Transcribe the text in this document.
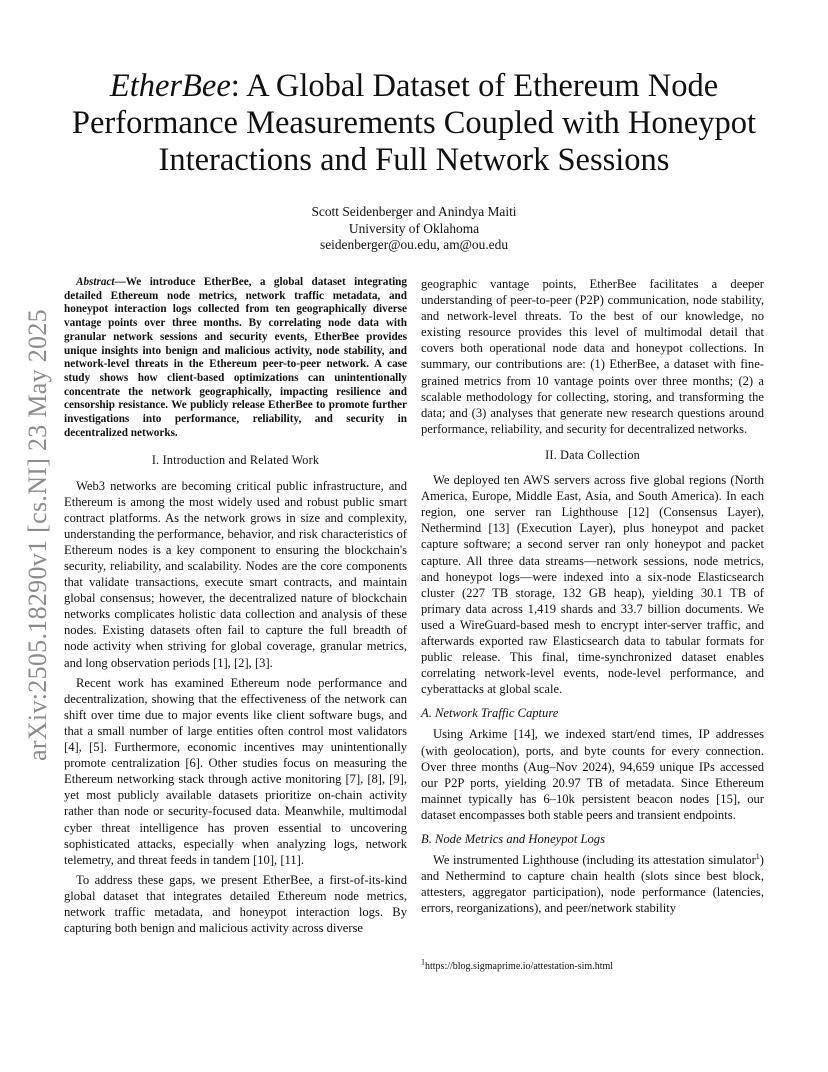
arXiv:2505.18290v1 [cs.NI] 23 May 2025
EtherBee: A Global Dataset of Ethereum Node Performance Measurements Coupled with Honeypot Interactions and Full Network Sessions
Scott Seidenberger and Anindya Maiti
University of Oklahoma
seidenberger@ou.edu, am@ou.edu
Abstract—We introduce EtherBee, a global dataset integrating detailed Ethereum node metrics, network traffic metadata, and honeypot interaction logs collected from ten geographically diverse vantage points over three months. By correlating node data with granular network sessions and security events, EtherBee provides unique insights into benign and malicious activity, node stability, and network-level threats in the Ethereum peer-to-peer network. A case study shows how client-based optimizations can unintentionally concentrate the network geographically, impacting resilience and censorship resistance. We publicly release EtherBee to promote further investigations into performance, reliability, and security in decentralized networks.
I. Introduction and Related Work

Web3 networks are becoming critical public infrastructure, and Ethereum is among the most widely used and robust public smart contract platforms. As the network grows in size and complexity, understanding the performance, behavior, and risk characteristics of Ethereum nodes is a key component to ensuring the blockchain's security, reliability, and scalability. Nodes are the core components that validate transactions, execute smart contracts, and maintain global consensus; however, the decentralized nature of blockchain networks complicates holistic data collection and analysis of these nodes. Existing datasets often fail to capture the full breadth of node activity when striving for global coverage, granular metrics, and long observation periods [1], [2], [3].

Recent work has examined Ethereum node performance and decentralization, showing that the effectiveness of the network can shift over time due to major events like client software bugs, and that a small number of large entities often control most validators [4], [5]. Furthermore, economic incentives may unintentionally promote centralization [6]. Other studies focus on measuring the Ethereum networking stack through active monitoring [7], [8], [9], yet most publicly available datasets prioritize on-chain activity rather than node or security-focused data. Meanwhile, multimodal cyber threat intelligence has proven essential to uncovering sophisticated attacks, especially when analyzing logs, network telemetry, and threat feeds in tandem [10], [11].

To address these gaps, we present EtherBee, a first-of-its-kind global dataset that integrates detailed Ethereum node metrics, network traffic metadata, and honeypot interaction logs. By capturing both benign and malicious activity across diverse

geographic vantage points, EtherBee facilitates a deeper understanding of peer-to-peer (P2P) communication, node stability, and network-level threats. To the best of our knowledge, no existing resource provides this level of multimodal detail that covers both operational node data and honeypot collections. In summary, our contributions are: (1) EtherBee, a dataset with fine-grained metrics from 10 vantage points over three months; (2) a scalable methodology for collecting, storing, and transforming the data; and (3) analyses that generate new research questions around performance, reliability, and security for decentralized networks.

II. Data Collection

We deployed ten AWS servers across five global regions (North America, Europe, Middle East, Asia, and South America). In each region, one server ran Lighthouse [12] (Consensus Layer), Nethermind [13] (Execution Layer), plus honeypot and packet capture software; a second server ran only honeypot and packet capture. All three data streams—network sessions, node metrics, and honeypot logs—were indexed into a six-node Elasticsearch cluster (227 TB storage, 132 GB heap), yielding 30.1 TB of primary data across 1,419 shards and 33.7 billion documents. We used a WireGuard-based mesh to encrypt inter-server traffic, and afterwards exported raw Elasticsearch data to tabular formats for public release. This final, time-synchronized dataset enables correlating network-level events, node-level performance, and cyberattacks at global scale.

A. Network Traffic Capture

Using Arkime [14], we indexed start/end times, IP addresses (with geolocation), ports, and byte counts for every connection. Over three months (Aug–Nov 2024), 94,659 unique IPs accessed our P2P ports, yielding 20.97 TB of metadata. Since Ethereum mainnet typically has 6–10k persistent beacon nodes [15], our dataset encompasses both stable peers and transient endpoints.

B. Node Metrics and Honeypot Logs

We instrumented Lighthouse (including its attestation simulator$^1$) and Nethermind to capture chain health (slots since best block, attesters, aggregator participation), node performance (latencies, errors, reorganizations), and peer/network stability

$^1$https://blog.sigmaprime.io/attestation-sim.html
